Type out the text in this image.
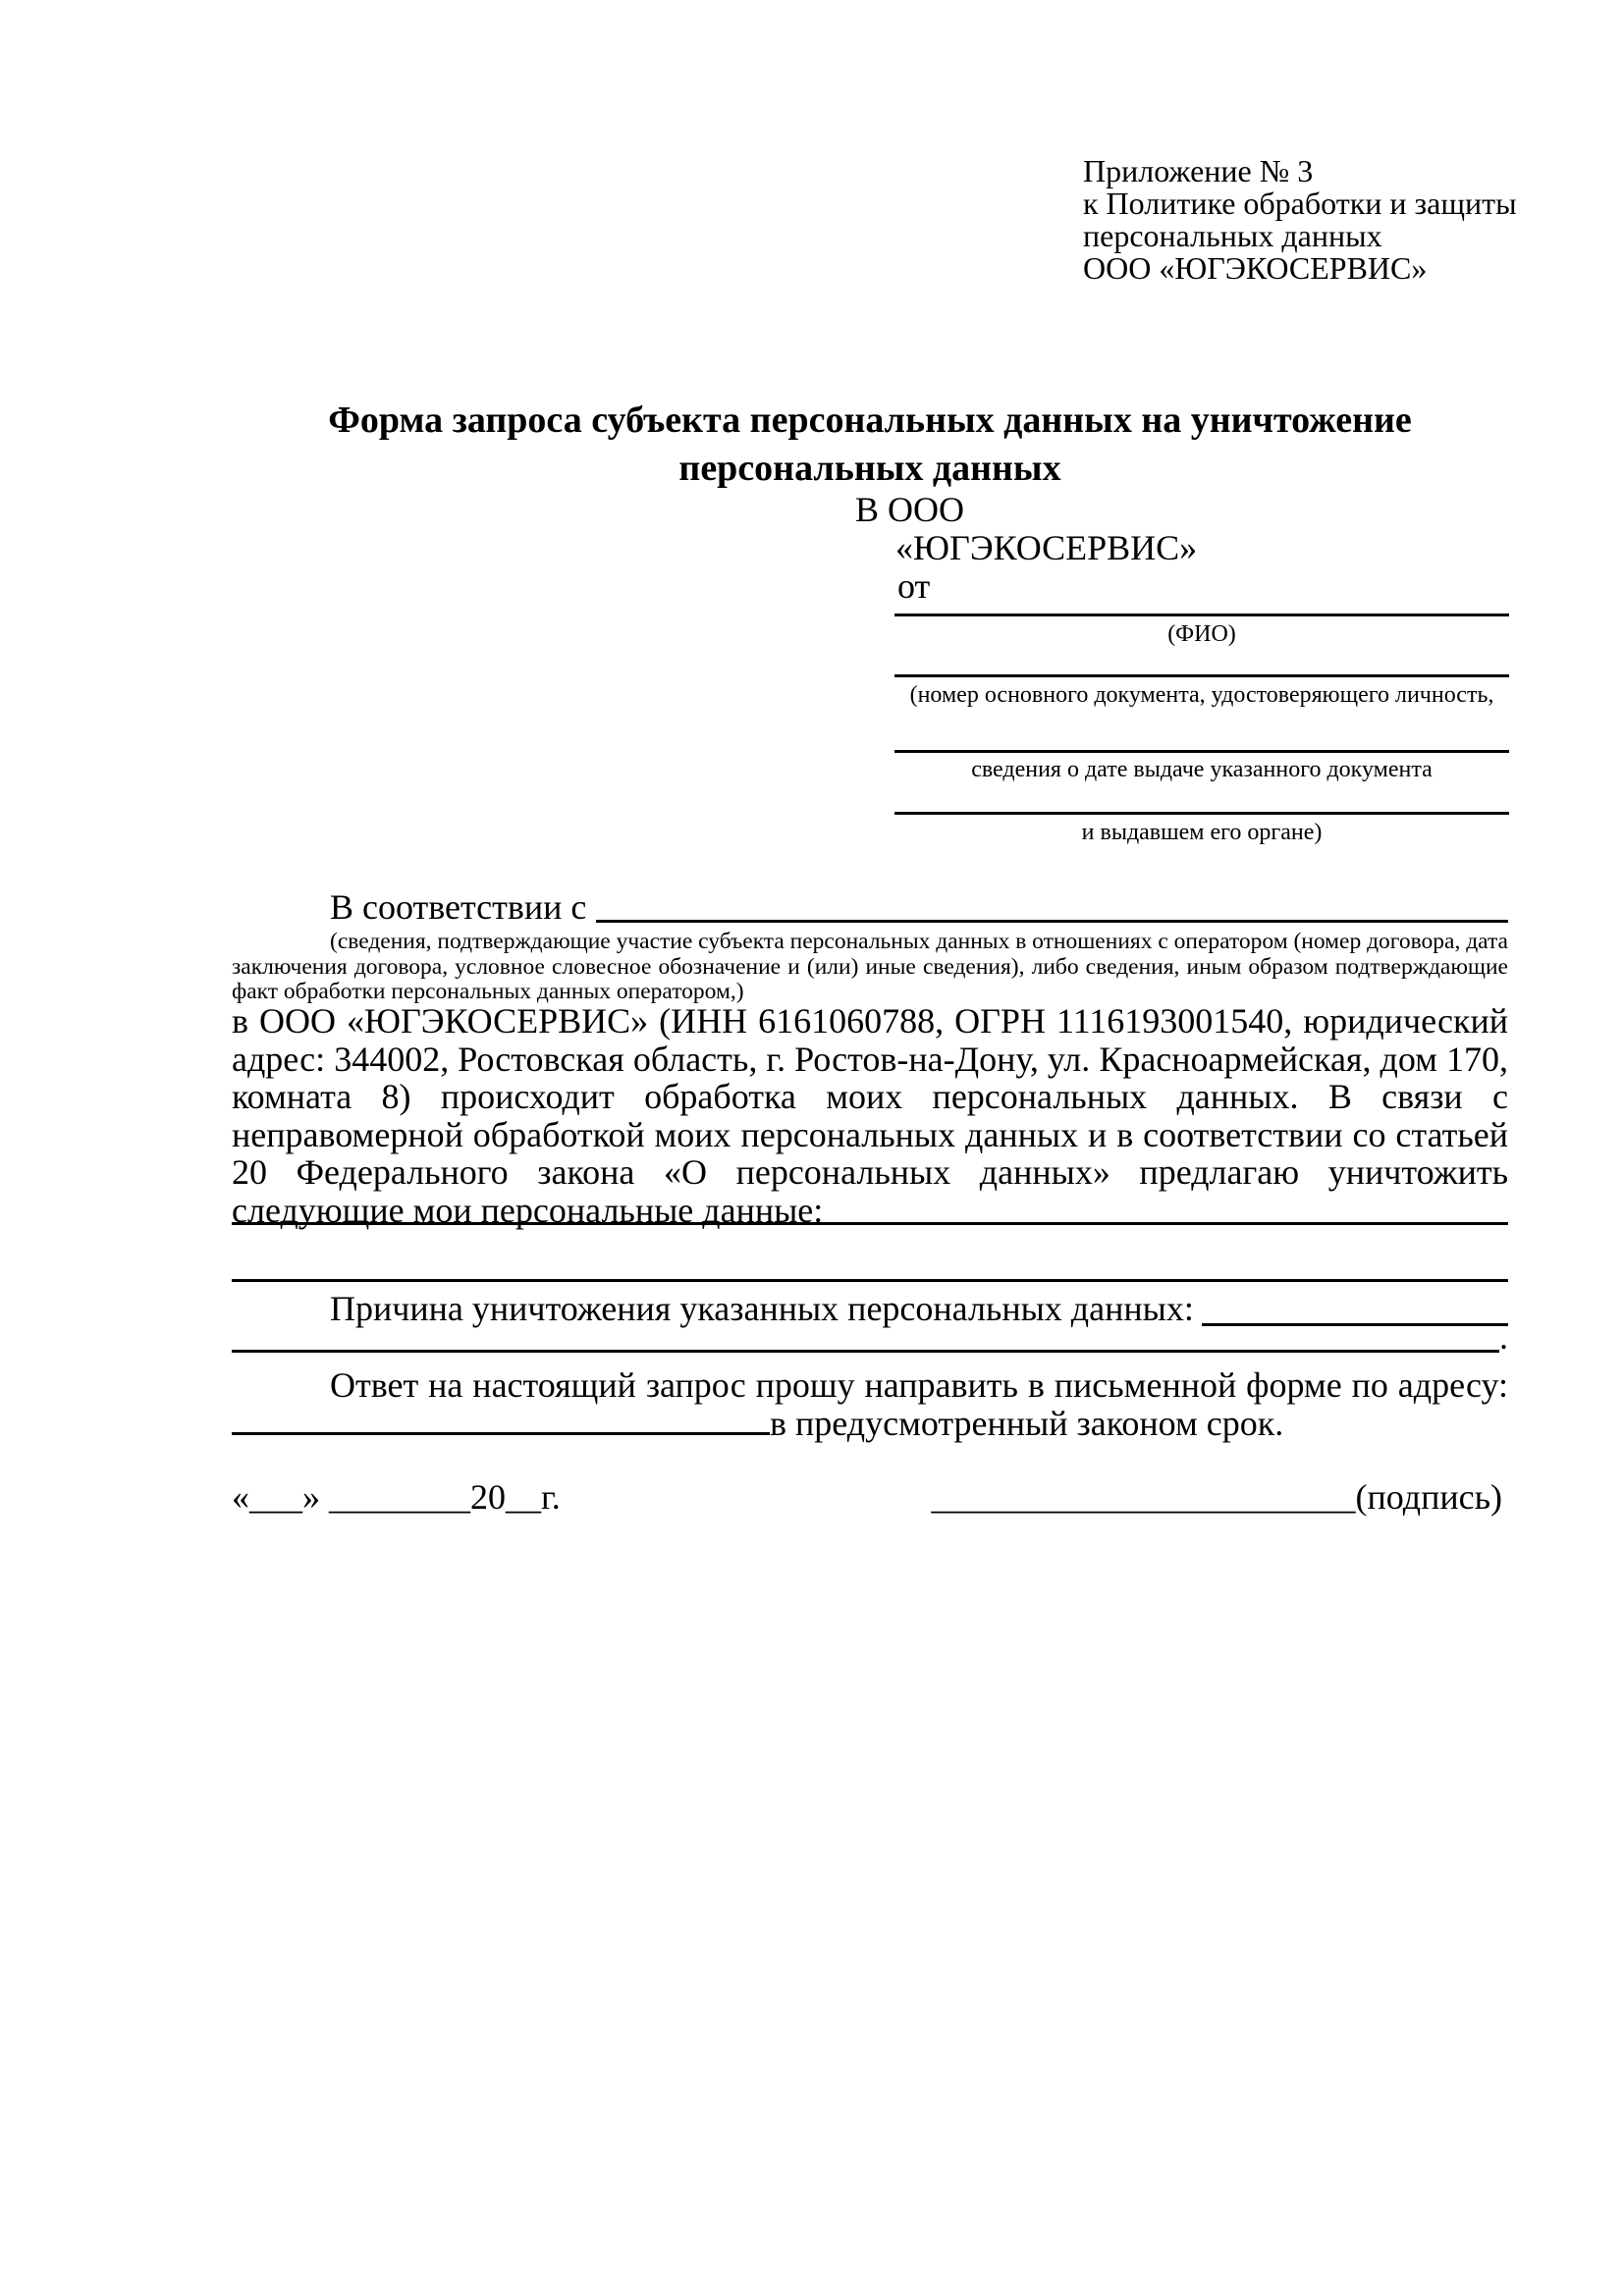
Приложение № 3
к Политике обработки и защиты
персональных данных
ООО «ЮГЭКОСЕРВИС»
Форма запроса субъекта персональных данных на уничтожение персональных данных
В ООО
«ЮГЭКОСЕРВИС»
от
(ФИО)
(номер основного документа, удостоверяющего личность,
сведения о дате выдаче указанного документа
и выдавшем его органе)
В соответствии с
(сведения, подтверждающие участие субъекта персональных данных в отношениях с оператором (номер договора, дата заключения договора, условное словесное обозначение и (или) иные сведения), либо сведения, иным образом подтверждающие факт обработки персональных данных оператором,)
в ООО «ЮГЭКОСЕРВИС» (ИНН 6161060788, ОГРН 1116193001540, юридический адрес: 344002, Ростовская область, г. Ростов-на-Дону, ул. Красноармейская, дом 170, комната 8) происходит обработка моих персональных данных. В связи с неправомерной обработкой моих персональных данных и в соответствии со статьей 20 Федерального закона «О персональных данных» предлагаю уничтожить следующие мои персональные данные:
Причина уничтожения указанных персональных данных:
.
Ответ на настоящий запрос прошу направить в письменной форме по адресу: в предусмотренный законом срок.
«___» ________20__г.	________________________(подпись)
